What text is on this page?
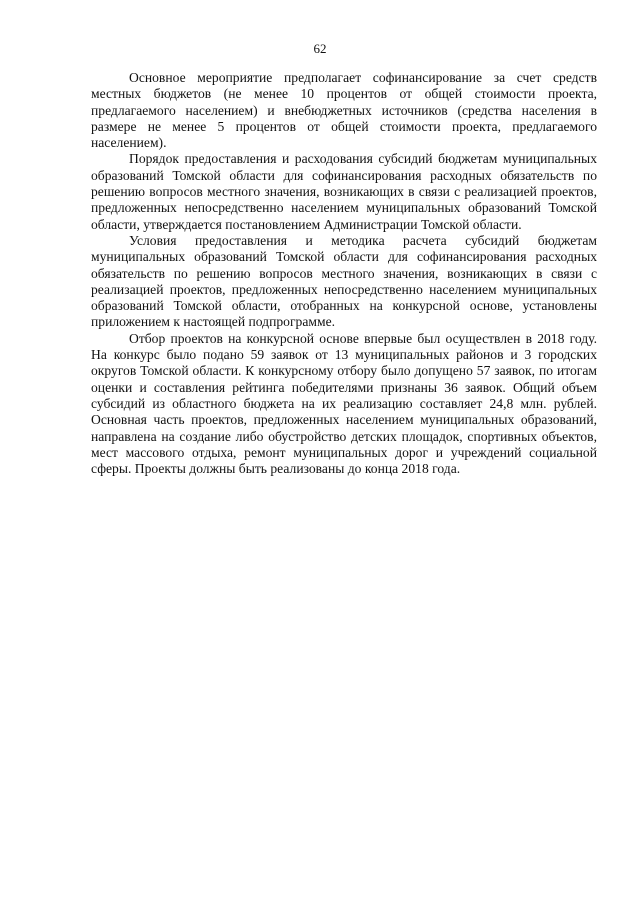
62

Основное мероприятие предполагает софинансирование за счет средств местных бюджетов (не менее 10 процентов от общей стоимости проекта, предлагаемого населением) и внебюджетных источников (средства населения в размере не менее 5 процентов от общей стоимости проекта, предлагаемого населением).

Порядок предоставления и расходования субсидий бюджетам муниципальных образований Томской области для софинансирования расходных обязательств по решению вопросов местного значения, возникающих в связи с реализацией проектов, предложенных непосредственно населением муниципальных образований Томской области, утверждается постановлением Администрации Томской области.

Условия предоставления и методика расчета субсидий бюджетам муниципальных образований Томской области для софинансирования расходных обязательств по решению вопросов местного значения, возникающих в связи с реализацией проектов, предложенных непосредственно населением муниципальных образований Томской области, отобранных на конкурсной основе, установлены приложением к настоящей подпрограмме.

Отбор проектов на конкурсной основе впервые был осуществлен в 2018 году. На конкурс было подано 59 заявок от 13 муниципальных районов и 3 городских округов Томской области. К конкурсному отбору было допущено 57 заявок, по итогам оценки и составления рейтинга победителями признаны 36 заявок. Общий объем субсидий из областного бюджета на их реализацию составляет 24,8 млн. рублей. Основная часть проектов, предложенных населением муниципальных образований, направлена на создание либо обустройство детских площадок, спортивных объектов, мест массового отдыха, ремонт муниципальных дорог и учреждений социальной сферы. Проекты должны быть реализованы до конца 2018 года.
